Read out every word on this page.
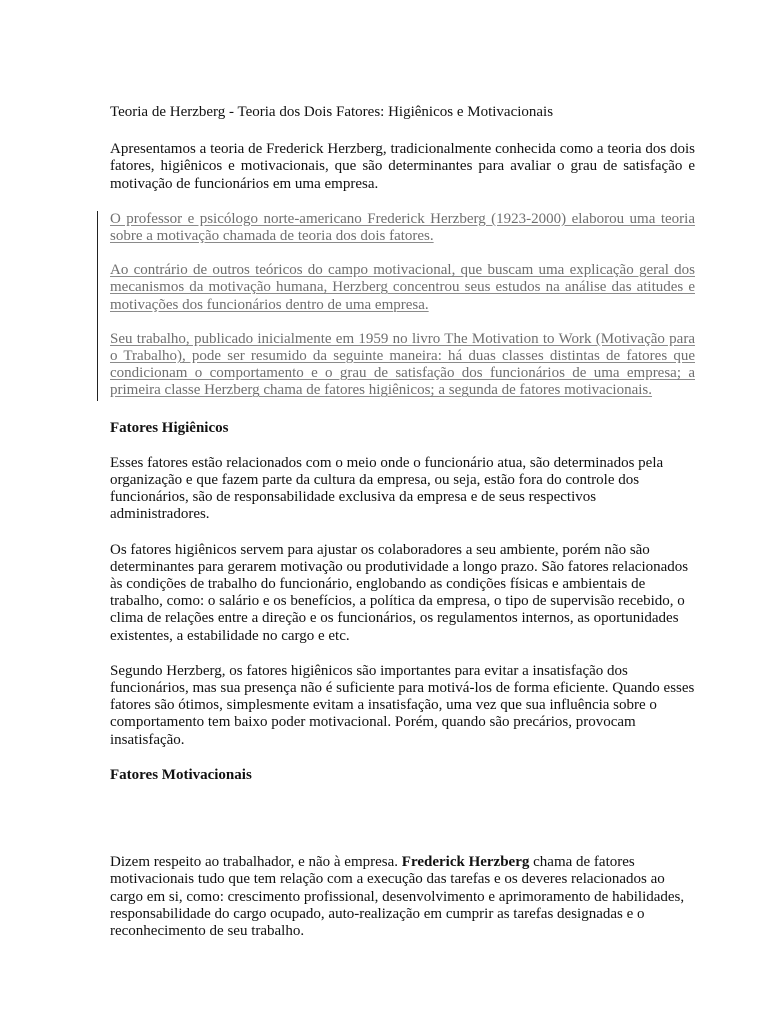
Teoria de Herzberg - Teoria dos Dois Fatores: Higiênicos e Motivacionais

Apresentamos a teoria de Frederick Herzberg, tradicionalmente conhecida como a teoria dos dois fatores, higiênicos e motivacionais, que são determinantes para avaliar o grau de satisfação e motivação de funcionários em uma empresa.

O professor e psicólogo norte-americano Frederick Herzberg (1923-2000) elaborou uma teoria sobre a motivação chamada de teoria dos dois fatores.

Ao contrário de outros teóricos do campo motivacional, que buscam uma explicação geral dos mecanismos da motivação humana, Herzberg concentrou seus estudos na análise das atitudes e motivações dos funcionários dentro de uma empresa.

Seu trabalho, publicado inicialmente em 1959 no livro The Motivation to Work (Motivação para o Trabalho), pode ser resumido da seguinte maneira: há duas classes distintas de fatores que condicionam o comportamento e o grau de satisfação dos funcionários de uma empresa; a primeira classe Herzberg chama de fatores higiênicos; a segunda de fatores motivacionais.

Fatores Higiênicos

Esses fatores estão relacionados com o meio onde o funcionário atua, são determinados pela organização e que fazem parte da cultura da empresa, ou seja, estão fora do controle dos funcionários, são de responsabilidade exclusiva da empresa e de seus respectivos administradores.

Os fatores higiênicos servem para ajustar os colaboradores a seu ambiente, porém não são determinantes para gerarem motivação ou produtividade a longo prazo. São fatores relacionados às condições de trabalho do funcionário, englobando as condições físicas e ambientais de trabalho, como: o salário e os benefícios, a política da empresa, o tipo de supervisão recebido, o clima de relações entre a direção e os funcionários, os regulamentos internos, as oportunidades existentes, a estabilidade no cargo e etc.

Segundo Herzberg, os fatores higiênicos são importantes para evitar a insatisfação dos funcionários, mas sua presença não é suficiente para motivá-los de forma eficiente. Quando esses fatores são ótimos, simplesmente evitam a insatisfação, uma vez que sua influência sobre o comportamento tem baixo poder motivacional. Porém, quando são precários, provocam insatisfação.

Fatores Motivacionais

Dizem respeito ao trabalhador, e não à empresa. Frederick Herzberg chama de fatores motivacionais tudo que tem relação com a execução das tarefas e os deveres relacionados ao cargo em si, como: crescimento profissional, desenvolvimento e aprimoramento de habilidades, responsabilidade do cargo ocupado, auto-realização em cumprir as tarefas designadas e o reconhecimento de seu trabalho.
